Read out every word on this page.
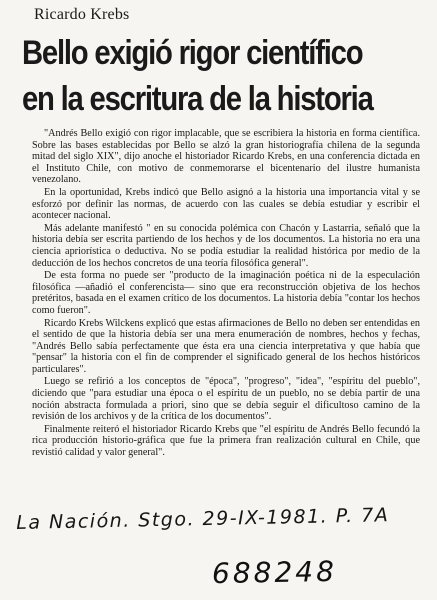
Ricardo Krebs
Bello exigió rigor científico
en la escritura de la historia

"Andrés Bello exigió con rigor implacable, que se escribiera la historia en forma científica. Sobre las bases establecidas por Bello se alzó la gran historiografía chilena de la segunda mitad del siglo XIX", dijo anoche el historiador Ricardo Krebs, en una conferencia dictada en el Instituto Chile, con motivo de conmemorarse el bicentenario del ilustre humanista venezolano.

En la oportunidad, Krebs indicó que Bello asignó a la historia una importancia vital y se esforzó por definir las normas, de acuerdo con las cuales se debía estudiar y escribir el acontecer nacional.

Más adelante manifestó " en su conocida polémica con Chacón y Lastarria, señaló que la historia debía ser escrita partiendo de los hechos y de los documentos. La historia no era una ciencia apriorística o deductiva. No se podía estudiar la realidad histórica por medio de la deducción de los hechos concretos de una teoría filosófica general".

De esta forma no puede ser "producto de la imaginación poética ni de la especulación filosófica —añadió el conferencista— sino que era reconstrucción objetiva de los hechos pretéritos, basada en el examen crítico de los documentos. La historia debía "contar los hechos como fueron".

Ricardo Krebs Wilckens explicó que estas afirmaciones de Bello no deben ser entendidas en el sentido de que la historia debía ser una mera enumeración de nombres, hechos y fechas, "Andrés Bello sabía perfectamente que ésta era una ciencia interpretativa y que había que "pensar" la historia con el fin de comprender el significado general de los hechos históricos particulares".

Luego se refirió a los conceptos de "época", "progreso", "idea", "espíritu del pueblo", diciendo que "para estudiar una época o el espíritu de un pueblo, no se debía partir de una noción abstracta formulada a priori, sino que se debía seguir el dificultoso camino de la revisión de los archivos y de la crítica de los documentos".

Finalmente reiteró el historiador Ricardo Krebs que "el espíritu de Andrés Bello fecundó la rica producción historio-gráfica que fue la primera fran realización cultural en Chile, que revistió calidad y valor general".

La Nación. Stgo. 29-IX-1981. P. 7A
688248
